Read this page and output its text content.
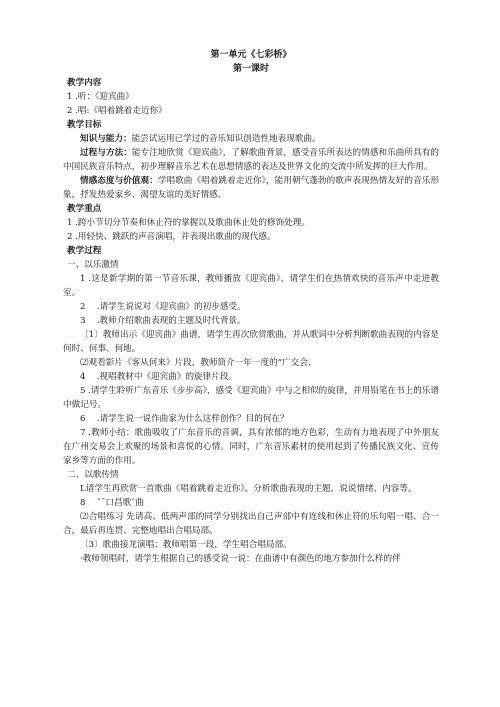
第一单元《七彩桥》
第一课时
教学内容
1 .听：《迎宾曲》
2 .唱:《唱着跳着走近你》
教学目标

知识与能力：能尝试运用已学过的音乐知识创造性地表现歌曲。

过程与方法：能专注地欣赏《迎宾曲》，了解歌曲背景，感受音乐所表达的情感和乐曲所具有的中国民族音乐特点，初步理解音乐艺术在思想情感的表达及世界文化的交流中所发挥的巨大作用。

情感态度与价值观：学唱歌曲《唱着跳着走近你》，能用朝气蓬勃的歌声表现热情友好的音乐形象，抒发热爱家乡、渴望友谊的美好情感。

教学重点
1 .跨小节切分节奏和休止符的掌握以及歌曲休止处的修饰处理。
2 .用轻快、跳跃的声音演唱，并表现出歌曲的现代感。
教学过程
一、以乐激情

1 .这是新学期的第一节音乐课，教师播放《迎宾曲》，请学生们在热情欢快的音乐声中走进教室。

2　 .请学生说说对《迎宾曲》的初步感受。

3　 .教师介绍歌曲表现的主题及时代背景。

〔1〕教师出示《迎宾曲》曲谱，请学生再次欣赏歌曲，并从歌词中分析判断歌曲表现的内容是何时、何事、何地。

⑵观看影片《客从何来》片段，教师简介一年一度的“广交会、

4　 .视唱教材中《迎宾曲》的旋律片段。

5 .请学生聆听广东音乐《步步高》，感受《迎宾曲》中与之相似的旋律，并用铅笔在书上的乐谱中做记号。

6　 .请学生说一说作曲家为什么这样创作？目的何在？

7 .教师小结：歌曲吸收了广东音乐的音调，具有浓郁的地方色彩，生动有力地表现了中外朋友在广州交易会上欢聚的场景和喜悦的心情。同时，广东音乐素材的使用起到了传播民族文化、宣传家乡等方面的作用。

二、以歌传情

L请学生再欣赏一首歌曲《唱着跳着走近你》。分析歌曲表现的主题，说说情绪、内容等。

8　 ˆˉ口昌歌ˆ曲

⑵合唱练习 先请高、低两声部的同学分别找出自己声部中有连线和休止符的乐句唱一唱、合一合，最后再连贯、完整地唱出合唱局部。

〔3〕歌曲接龙演唱：教师唱第一段，学生唱合唱局部。

·教师领唱时，请学生根据自己的感受说一说：在曲谱中有颜色的地方参加什么样的伴
